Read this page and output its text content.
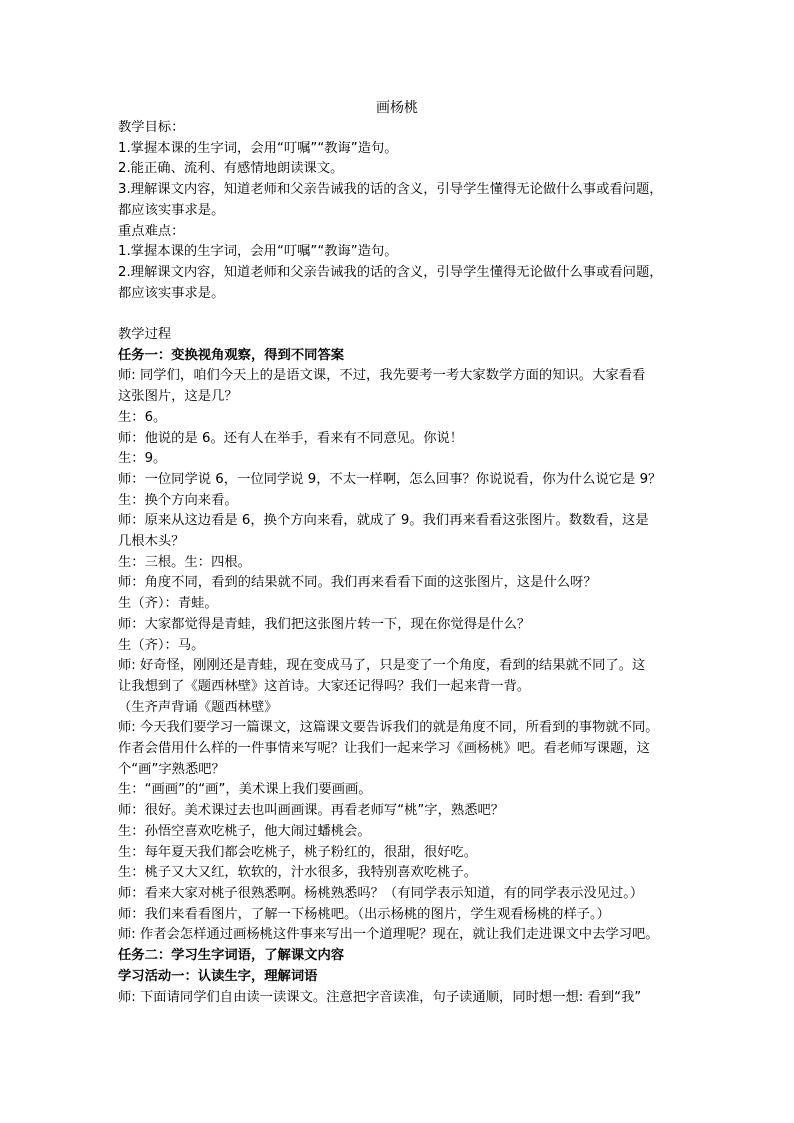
画杨桃

教学目标：

1.掌握本课的生字词，会用“叮嘱”“教诲”造句。

2.能正确、流利、有感情地朗读课文。

3.理解课文内容，知道老师和父亲告诫我的话的含义，引导学生懂得无论做什么事或看问题，

都应该实事求是。

重点难点：

1.掌握本课的生字词，会用“叮嘱”“教诲”造句。

2.理解课文内容，知道老师和父亲告诫我的话的含义，引导学生懂得无论做什么事或看问题，

都应该实事求是。

教学过程

任务一：变换视角观察，得到不同答案

师: 同学们，咱们今天上的是语文课，不过，我先要考一考大家数学方面的知识。大家看看

这张图片，这是几？

生：6。

师：他说的是 6。还有人在举手，看来有不同意见。你说！

生：9。

师：一位同学说 6，一位同学说 9，不太一样啊，怎么回事？你说说看，你为什么说它是 9？

生：换个方向来看。

师：原来从这边看是 6，换个方向来看，就成了 9。我们再来看看这张图片。数数看，这是

几根木头？

生：三根。生：四根。

师：角度不同，看到的结果就不同。我们再来看看下面的这张图片，这是什么呀？

生（齐）：青蛙。

师：大家都觉得是青蛙，我们把这张图片转一下，现在你觉得是什么？

生（齐）：马。

师: 好奇怪，刚刚还是青蛙，现在变成马了，只是变了一个角度，看到的结果就不同了。这

让我想到了《题西林壁》这首诗。大家还记得吗？我们一起来背一背。

（生齐声背诵《题西林壁》

师: 今天我们要学习一篇课文，这篇课文要告诉我们的就是角度不同，所看到的事物就不同。

作者会借用什么样的一件事情来写呢？让我们一起来学习《画杨桃》吧。看老师写课题，这

个“画”字熟悉吧？

生：“画画”的“画”，美术课上我们要画画。

师：很好。美术课过去也叫画画课。再看老师写“桃”字，熟悉吧？

生：孙悟空喜欢吃桃子，他大闹过蟠桃会。

生：每年夏天我们都会吃桃子，桃子粉红的，很甜，很好吃。

生：桃子又大又红，软软的，汁水很多，我特别喜欢吃桃子。

师：看来大家对桃子很熟悉啊。杨桃熟悉吗？（有同学表示知道，有的同学表示没见过。）

师：我们来看看图片，了解一下杨桃吧。（出示杨桃的图片，学生观看杨桃的样子。）

师: 作者会怎样通过画杨桃这件事来写出一个道理呢？现在，就让我们走进课文中去学习吧。

任务二：学习生字词语，了解课文内容

学习活动一：认读生字，理解词语

师: 下面请同学们自由读一读课文。注意把字音读准，句子读通顺，同时想一想: 看到“我”
